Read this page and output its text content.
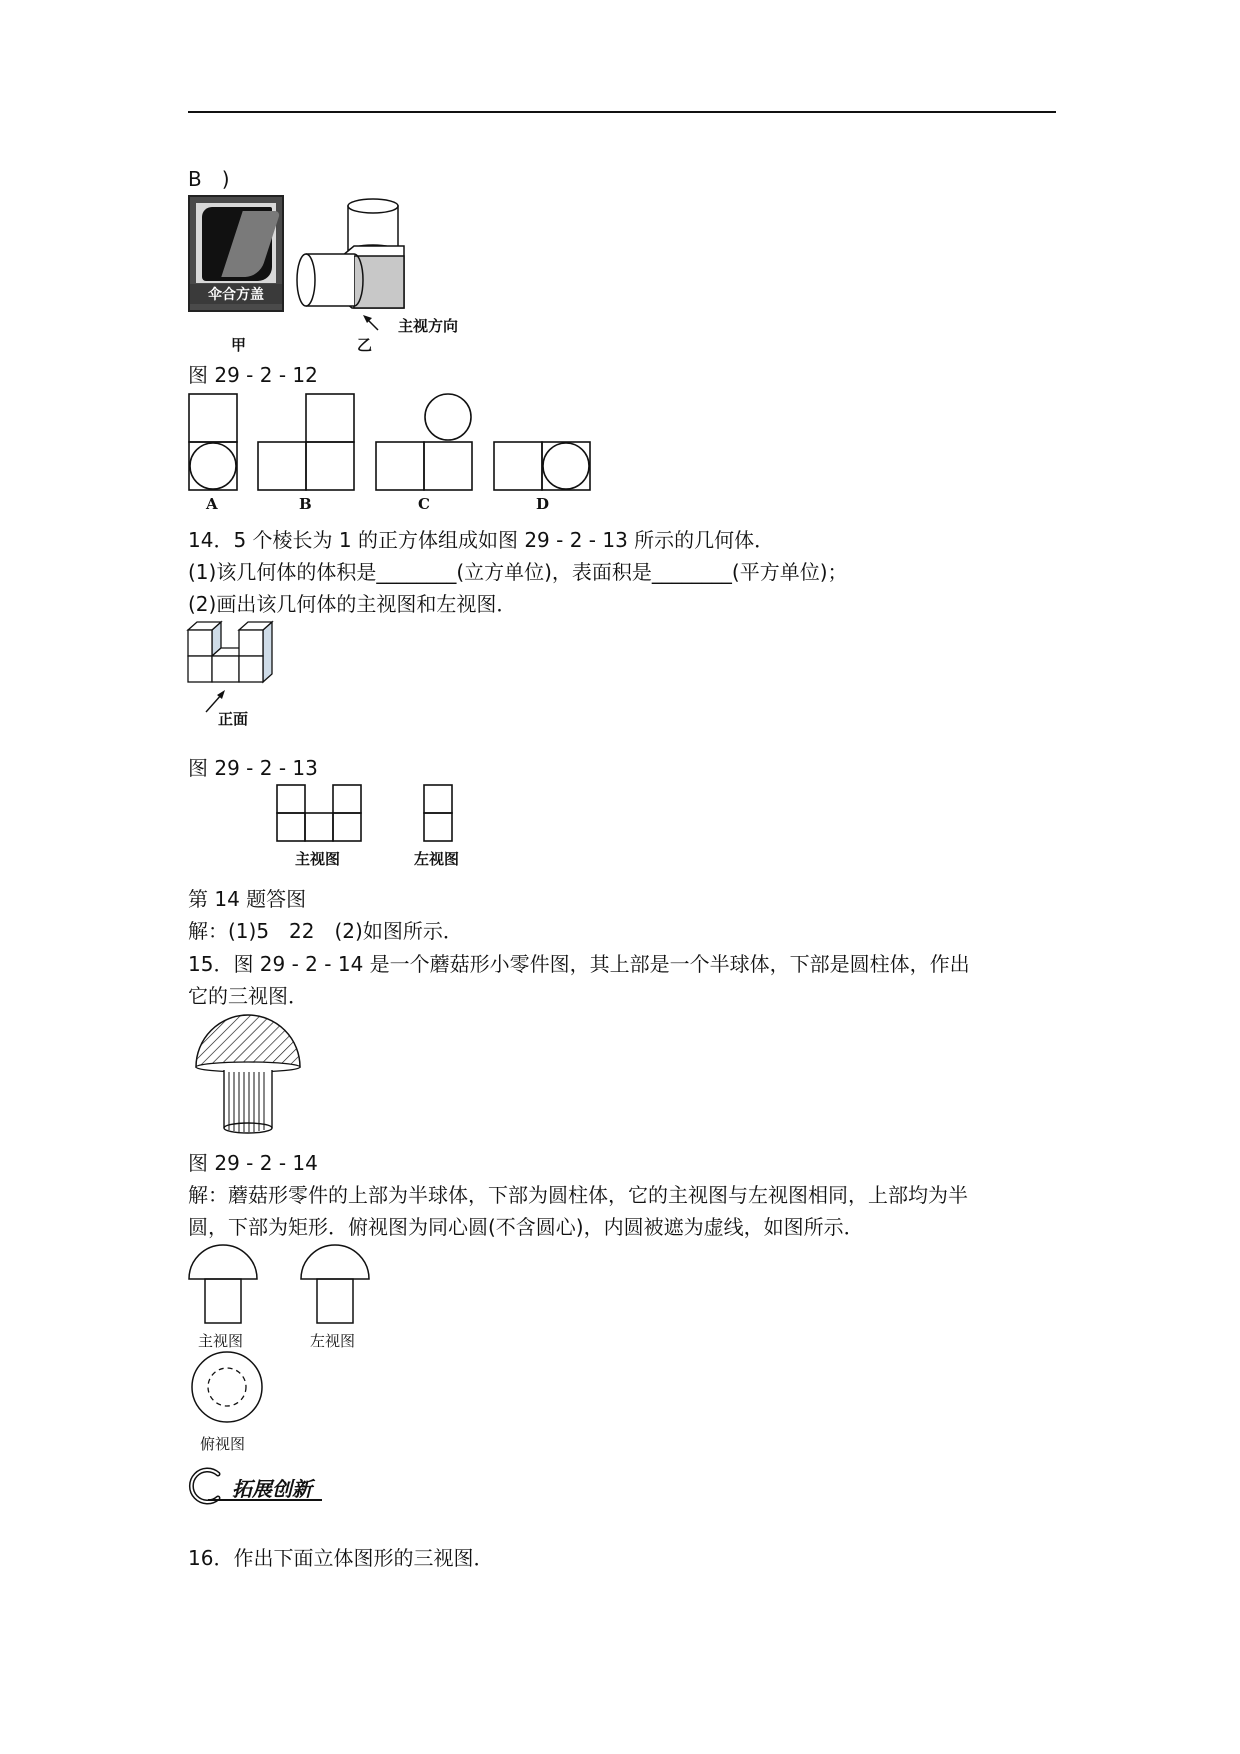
B　)
伞合方盖
主视方向
甲	乙
图 29 - 2 - 12
A	B	C	D
14．5 个棱长为 1 的正方体组成如图 29 - 2 - 13 所示的几何体．
(1)该几何体的体积是________(立方单位)，表面积是________(平方单位)；
(2)画出该几何体的主视图和左视图．
正面
图 29 - 2 - 13
主视图	左视图
第 14 题答图
解：(1)5　22　(2)如图所示．
15．图 29 - 2 - 14 是一个蘑菇形小零件图，其上部是一个半球体，下部是圆柱体，作出
它的三视图．
图 29 - 2 - 14
解：蘑菇形零件的上部为半球体，下部为圆柱体，它的主视图与左视图相同，上部均为半
圆，下部为矩形．俯视图为同心圆(不含圆心)，内圆被遮为虚线，如图所示．
主视图	左视图
俯视图
拓展创新
16．作出下面立体图形的三视图．
